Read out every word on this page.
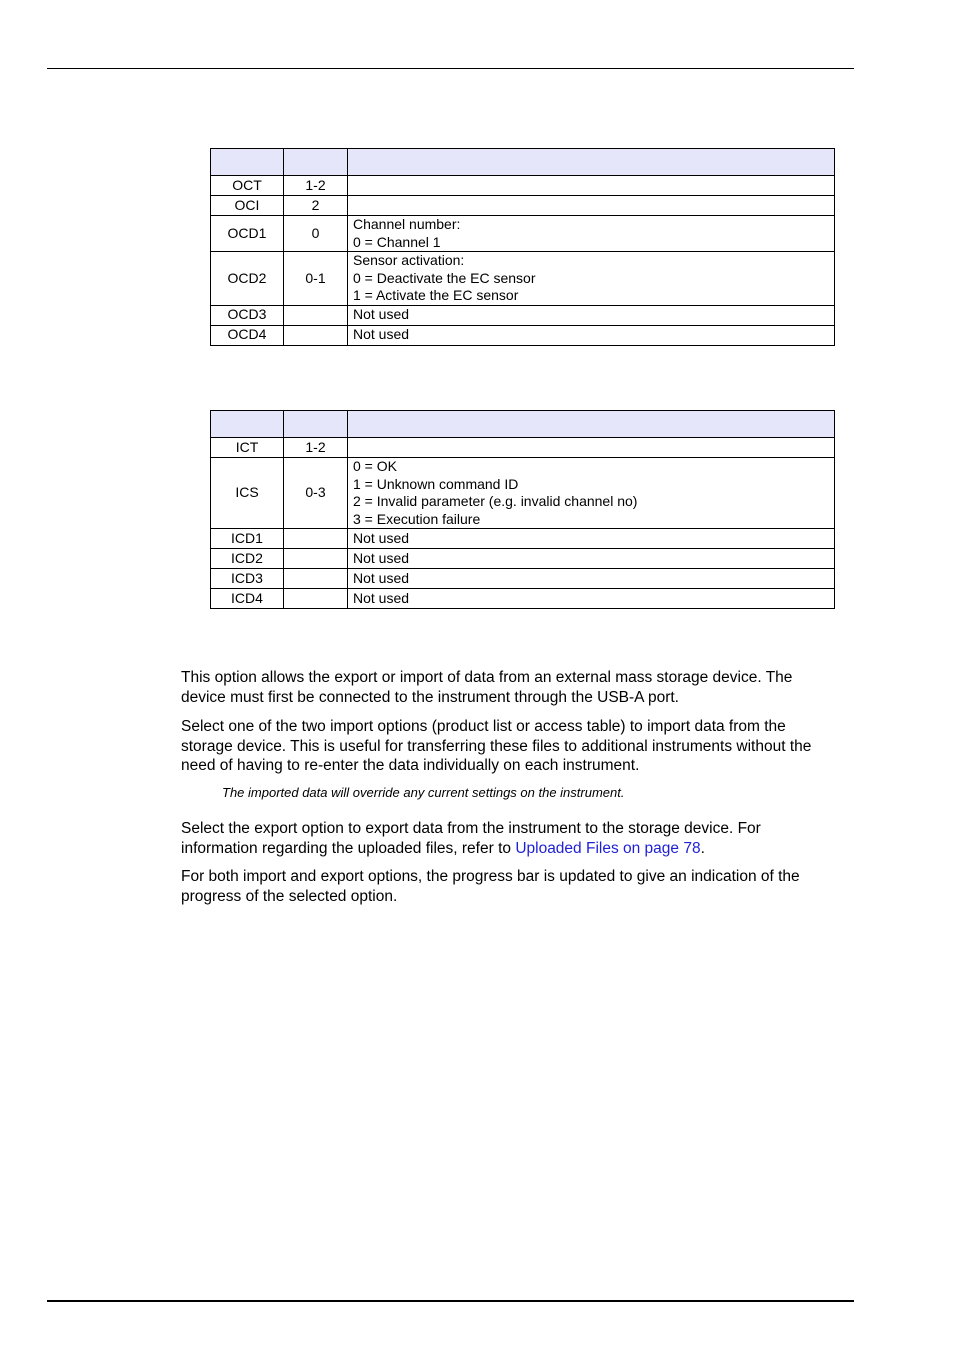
OCT	1-2	
OCI	2	
OCD1	0	Channel number:
0 = Channel 1

OCD2	0-1	Sensor activation:
0 = Deactivate the EC sensor
1 = Activate the EC sensor

OCD3		Not used

OCD4		Not used

ICT	1-2	
ICS	0-3	0 = OK
1 = Unknown command ID
2 = Invalid parameter (e.g. invalid channel no)
3 = Execution failure

ICD1		Not used

ICD2		Not used

ICD3		Not used

ICD4		Not used

This option allows the export or import of data from an external mass storage device. The device must first be connected to the instrument through the USB-A port.

Select one of the two import options (product list or access table) to import data from the storage device. This is useful for transferring these files to additional instruments without the need of having to re-enter the data individually on each instrument.

The imported data will override any current settings on the instrument.

Select the export option to export data from the instrument to the storage device. For information regarding the uploaded files, refer to Uploaded Files on page 78.

For both import and export options, the progress bar is updated to give an indication of the progress of the selected option.
